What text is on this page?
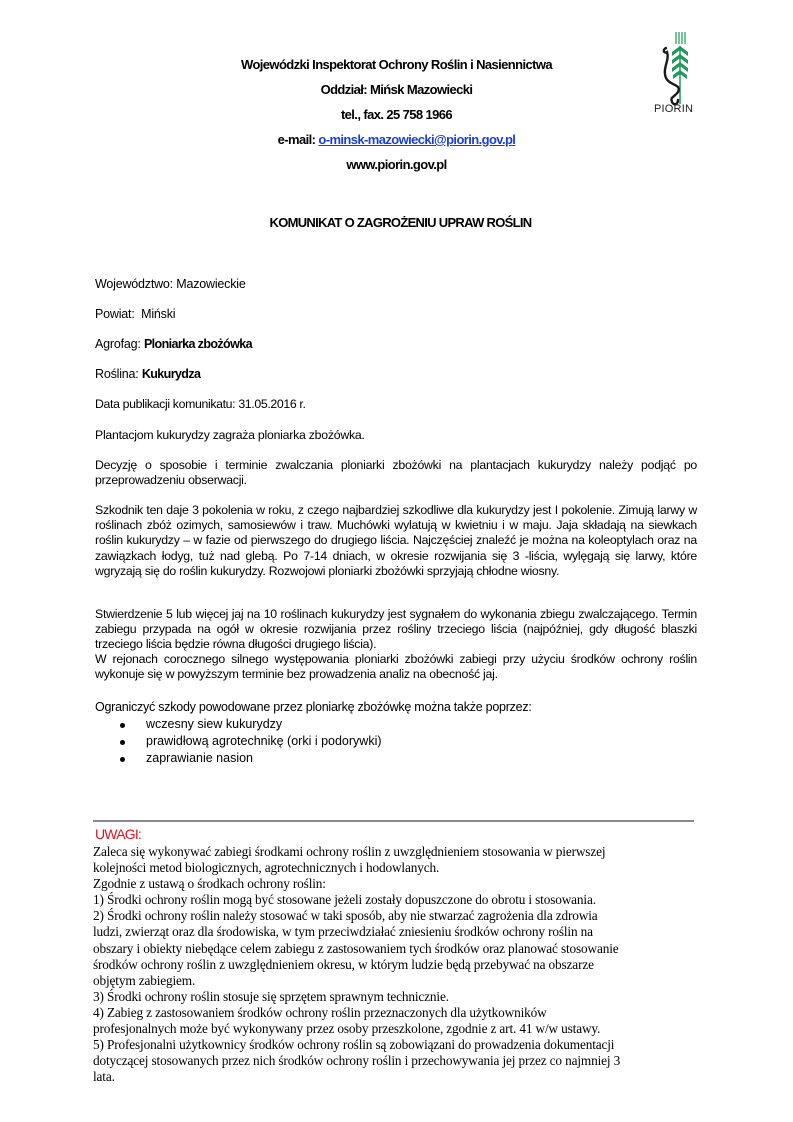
Wojewódzki Inspektorat Ochrony Roślin i Nasiennictwa
Oddział: Mińsk Mazowiecki
tel., fax. 25 758 1966
e-mail: o-minsk-mazowiecki@piorin.gov.pl
www.piorin.gov.pl
PIORIN
KOMUNIKAT O ZAGROŻENIU UPRAW ROŚLIN
Województwo: Mazowieckie
Powiat:  Miński
Agrofag: Ploniarka zbożówka
Roślina: Kukurydza
Data publikacji komunikatu: 31.05.2016 r.
Plantacjom kukurydzy zagraża ploniarka zbożówka.
Decyzję o sposobie i terminie zwalczania ploniarki zbożówki na plantacjach kukurydzy należy podjąć po przeprowadzeniu obserwacji.
Szkodnik ten daje 3 pokolenia w roku, z czego najbardziej szkodliwe dla kukurydzy jest I pokolenie. Zimują larwy w roślinach zbóż ozimych, samosiewów i traw. Muchówki wylatują w kwietniu i w maju. Jaja składają na siewkach roślin kukurydzy – w fazie od pierwszego do drugiego liścia. Najczęściej znaleźć je można na koleoptylach oraz na zawiązkach łodyg, tuż nad glebą. Po 7-14 dniach, w okresie rozwijania się 3 -liścia, wylęgają się larwy, które wgryzają się do roślin kukurydzy. Rozwojowi ploniarki zbożówki sprzyjają chłodne wiosny.
Stwierdzenie 5 lub więcej jaj na 10 roślinach kukurydzy jest sygnałem do wykonania zbiegu zwalczającego. Termin zabiegu przypada na ogół w okresie rozwijania przez rośliny trzeciego liścia (najpóźniej, gdy długość blaszki trzeciego liścia będzie równa długości drugiego liścia).
W rejonach corocznego silnego występowania ploniarki zbożówki zabiegi przy użyciu środków ochrony roślin wykonuje się w powyższym terminie bez prowadzenia analiz na obecność jaj.
Ograniczyć szkody powodowane przez ploniarkę zbożówkę można także poprzez:
wczesny siew kukurydzy
prawidłową agrotechnikę (orki i podorywki)
zaprawianie nasion
UWAGI:
Zaleca się wykonywać zabiegi środkami ochrony roślin z uwzględnieniem stosowania w pierwszej
kolejności metod biologicznych, agrotechnicznych i hodowlanych.
Zgodnie z ustawą o środkach ochrony roślin:
1) Środki ochrony roślin mogą być stosowane jeżeli zostały dopuszczone do obrotu i stosowania.
2) Środki ochrony roślin należy stosować w taki sposób, aby nie stwarzać zagrożenia dla zdrowia
ludzi, zwierząt oraz dla środowiska, w tym przeciwdziałać zniesieniu środków ochrony roślin na
obszary i obiekty niebędące celem zabiegu z zastosowaniem tych środków oraz planować stosowanie
środków ochrony roślin z uwzględnieniem okresu, w którym ludzie będą przebywać na obszarze
objętym zabiegiem.
3) Środki ochrony roślin stosuje się sprzętem sprawnym technicznie.
4) Zabieg z zastosowaniem środków ochrony roślin przeznaczonych dla użytkowników
profesjonalnych może być wykonywany przez osoby przeszkolone, zgodnie z art. 41 w/w ustawy.
5) Profesjonalni użytkownicy środków ochrony roślin są zobowiązani do prowadzenia dokumentacji
dotyczącej stosowanych przez nich środków ochrony roślin i przechowywania jej przez co najmniej 3
lata.
